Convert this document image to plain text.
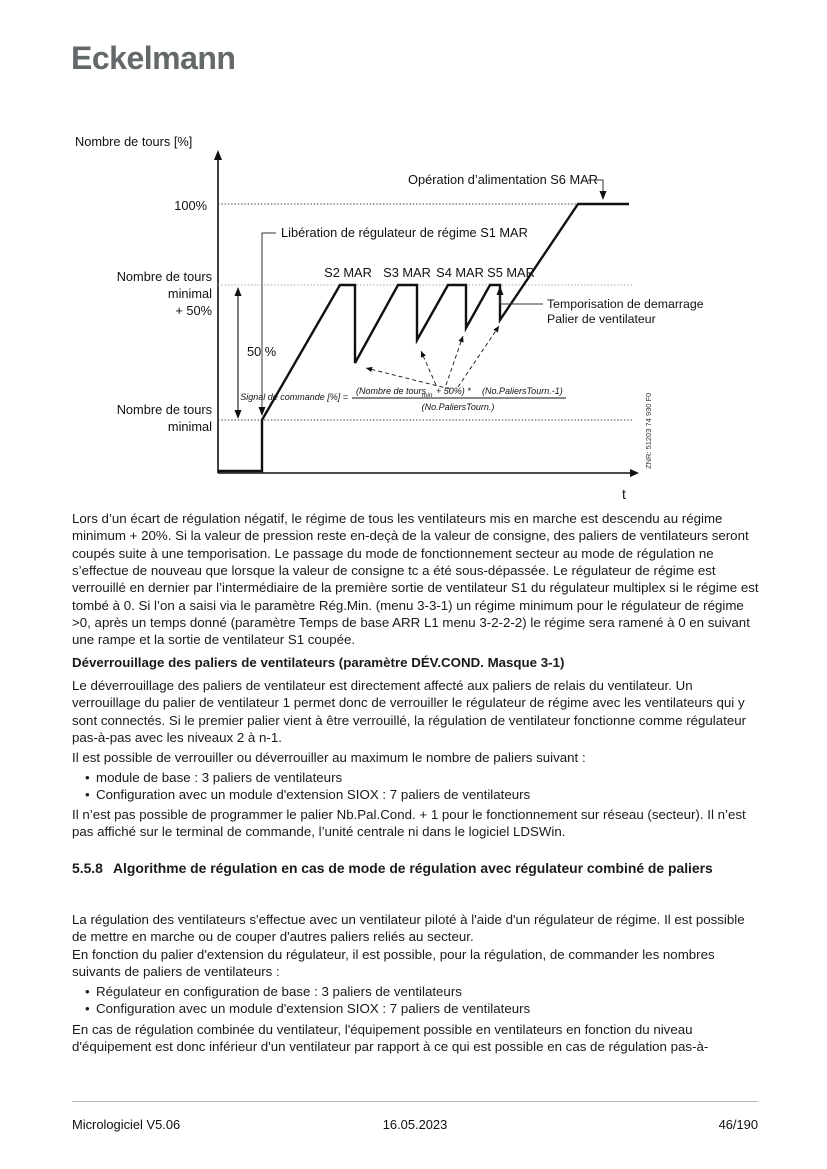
Eckelmann
Nombre de tours [%]
t
100%
Nombre de tours
minimal
+ 50%
Nombre de tours
minimal
50 %
Libération de régulateur de régime S1 MAR
Opération d’alimentation S6 MAR
S2 MAR S3 MAR S4 MAR S5 MAR
Temporisation de demarrage
Palier de ventilateur
Signal de commande [%] =
(Nombre de tours
min + 50%) * (No.PaliersTourn.-1)
(No.PaliersTourn.)	ZNR: 51203 74 930 F0
Lors d’un écart de régulation négatif, le régime de tous les ventilateurs mis en marche est descendu au régime minimum + 20%. Si la valeur de pression reste en-deçà de la valeur de consigne, des paliers de ventilateurs seront coupés suite à une temporisation. Le passage du mode de fonctionnement secteur au mode de régulation ne s’effectue de nouveau que lorsque la valeur de consigne tc a été sous-dépassée. Le régulateur de régime est verrouillé en dernier par l’intermédiaire de la première sortie de ventilateur S1 du régulateur multiplex si le régime est tombé à 0. Si l’on a saisi via le paramètre Rég.Min. (menu 3-3-1) un régime minimum pour le régulateur de régime >0, après un temps donné (paramètre Temps de base ARR L1 menu 3-2-2-2) le régime sera ramené à 0 en suivant une rampe et la sortie de ventilateur S1 coupée.
Déverrouillage des paliers de ventilateurs (paramètre DÉV.COND. Masque 3-1)
Le déverrouillage des paliers de ventilateur est directement affecté aux paliers de relais du ventilateur. Un verrouillage du palier de ventilateur 1 permet donc de verrouiller le régulateur de régime avec les ventilateurs qui y sont connectés. Si le premier palier vient à être verrouillé, la régulation de ventilateur fonctionne comme régulateur pas-à-pas avec les niveaux 2 à n-1.
Il est possible de verrouiller ou déverrouiller au maximum le nombre de paliers suivant :
• module de base : 3 paliers de ventilateurs
• Configuration avec un module d'extension SIOX : 7 paliers de ventilateurs
Il n’est pas possible de programmer le palier Nb.Pal.Cond. + 1 pour le fonctionnement sur réseau (secteur). Il n’est pas affiché sur le terminal de commande, l’unité centrale ni dans le logiciel LDSWin.
5.5.8 Algorithme de régulation en cas de mode de régulation avec régulateur combiné de paliers
La régulation des ventilateurs s'effectue avec un ventilateur piloté à l'aide d'un régulateur de régime. Il est possible de mettre en marche ou de couper d'autres paliers reliés au secteur.
En fonction du palier d'extension du régulateur, il est possible, pour la régulation, de commander les nombres suivants de paliers de ventilateurs :
• Régulateur en configuration de base : 3 paliers de ventilateurs
• Configuration avec un module d'extension SIOX : 7 paliers de ventilateurs
En cas de régulation combinée du ventilateur, l'équipement possible en ventilateurs en fonction du niveau d'équipement est donc inférieur d'un ventilateur par rapport à ce qui est possible en cas de régulation pas-à-
Micrologiciel V5.06	16.05.2023	46/190
